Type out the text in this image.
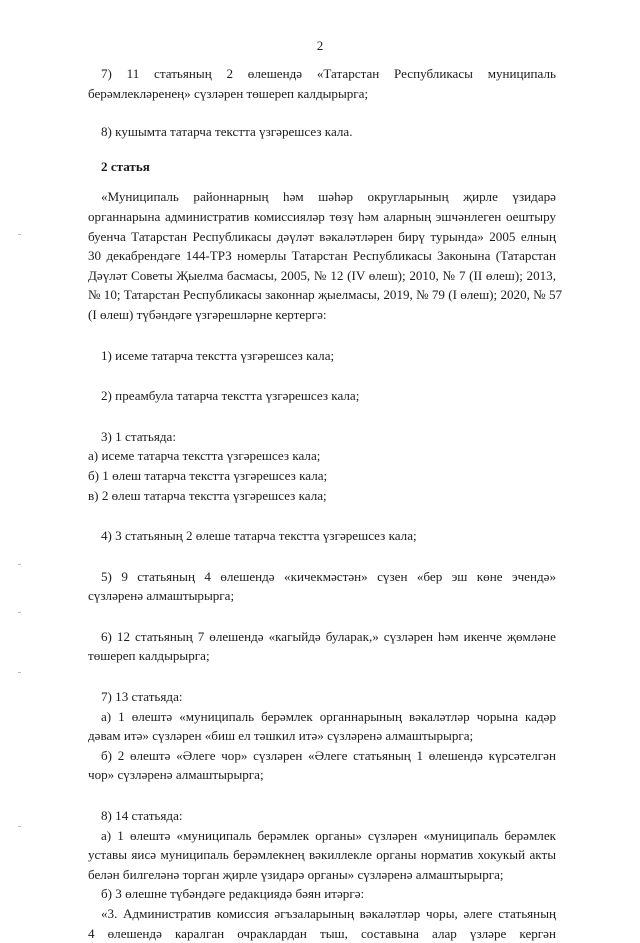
2
7) 11 статьяның 2 өлешендә «Татарстан Республикасы муниципаль
берәмлекләренең» сүзләрен төшереп калдырырга;
8) кушымта татарча текстта үзгәрешсез кала.
2 статья
«Муниципаль районнарның һәм шәһәр округларының җирле үзидарә
органнарына административ комиссияләр төзү һәм аларның эшчәнлеген оештыру
буенча Татарстан Республикасы дәүләт вәкаләтләрен бирү турында» 2005 елның
30 декабрендәге 144-ТРЗ номерлы Татарстан Республикасы Законына (Татарстан
Дәүләт Советы Җыелма басмасы, 2005, № 12 (IV өлеш); 2010, № 7 (II өлеш); 2013,
№ 10; Татарстан Республикасы законнар җыелмасы, 2019, № 79 (I өлеш); 2020, № 57
(I өлеш) түбәндәге үзгәрешләрне кертергә:
1) исеме татарча текстта үзгәрешсез кала;
2) преамбула татарча текстта үзгәрешсез кала;
3) 1 статьяда:
а) исеме татарча текстта үзгәрешсез кала;
б) 1 өлеш татарча текстта үзгәрешсез кала;
в) 2 өлеш татарча текстта үзгәрешсез кала;
4) 3 статьяның 2 өлеше татарча текстта үзгәрешсез кала;
5) 9 статьяның 4 өлешендә «кичекмәстән» сүзен «бер эш көне эчендә»
сүзләренә алмаштырырга;
6) 12 статьяның 7 өлешендә «кагыйдә буларак,» сүзләрен һәм икенче җөмләне
төшереп калдырырга;
7) 13 статьяда:
а) 1 өлештә «муниципаль берәмлек органнарының вәкаләтләр чорына кадәр
дәвам итә» сүзләрен «биш ел тәшкил итә» сүзләренә алмаштырырга;
б) 2 өлештә «Әлеге чор» сүзләрен «Әлеге статьяның 1 өлешендә күрсәтелгән
чор» сүзләренә алмаштырырга;
8) 14 статьяда:
а) 1 өлештә «муниципаль берәмлек органы» сүзләрен «муниципаль берәмлек
уставы яисә муниципаль берәмлекнең вәкиллекле органы норматив хокукый акты
белән билгеләнә торган җирле үзидарә органы» сүзләренә алмаштырырга;
б) 3 өлешне түбәндәге редакциядә бәян итәргә:
«3. Административ комиссия әгъзаларының вәкаләтләр чоры, әлеге статьяның
4 өлешендә каралган очраклардан тыш, составына алар үзләре кергән
